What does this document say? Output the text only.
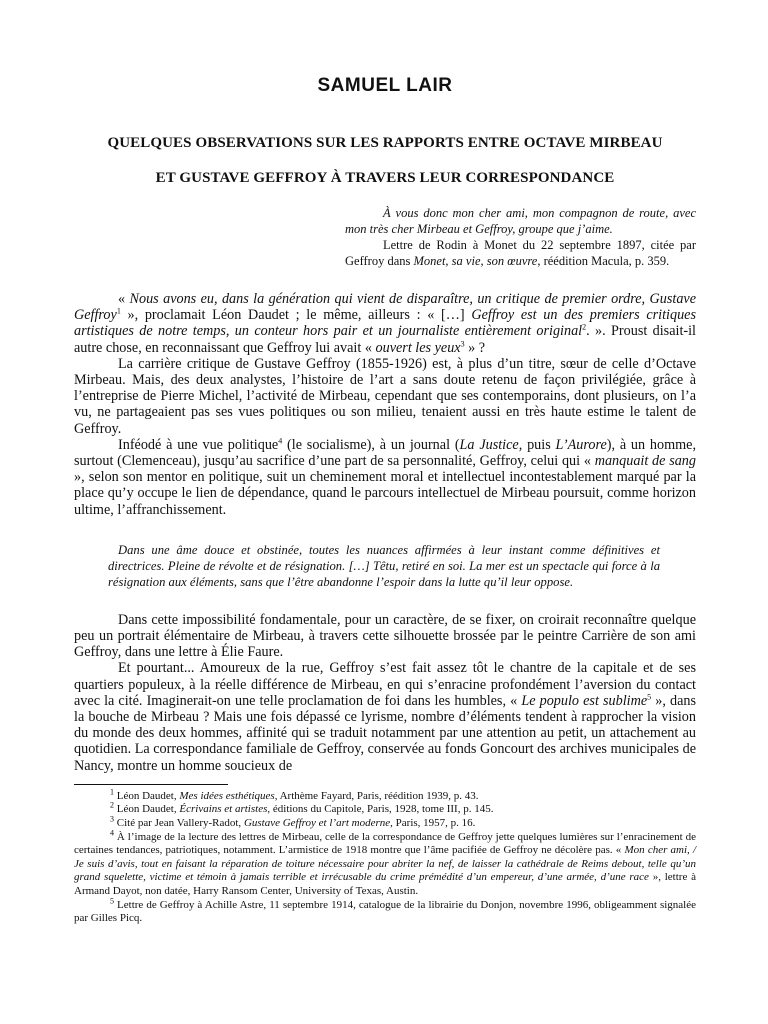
SAMUEL LAIR
QUELQUES OBSERVATIONS SUR LES RAPPORTS ENTRE OCTAVE MIRBEAU
ET GUSTAVE GEFFROY À TRAVERS LEUR CORRESPONDANCE

À vous donc mon cher ami, mon compagnon de route, avec mon très cher Mirbeau et Geffroy, groupe que j’aime.

Lettre de Rodin à Monet du 22 septembre 1897, citée par Geffroy dans Monet, sa vie, son œuvre, réédition Macula, p. 359.

« Nous avons eu, dans la génération qui vient de disparaître, un critique de premier ordre, Gustave Geffroy$^1$ », proclamait Léon Daudet ; le même, ailleurs : « […] Geffroy est un des premiers critiques artistiques de notre temps, un conteur hors pair et un journaliste entièrement original$^2$. ». Proust disait-il autre chose, en reconnaissant que Geffroy lui avait « ouvert les yeux$^3$ » ?

La carrière critique de Gustave Geffroy (1855-1926) est, à plus d’un titre, sœur de celle d’Octave Mirbeau. Mais, des deux analystes, l’histoire de l’art a sans doute retenu de façon privilégiée, grâce à l’entreprise de Pierre Michel, l’activité de Mirbeau, cependant que ses contemporains, dont plusieurs, on l’a vu, ne partageaient pas ses vues politiques ou son milieu, tenaient aussi en très haute estime le talent de Geffroy.

Inféodé à une vue politique$^4$ (le socialisme), à un journal (La Justice, puis L’Aurore), à un homme, surtout (Clemenceau), jusqu’au sacrifice d’une part de sa personnalité, Geffroy, celui qui « manquait de sang », selon son mentor en politique, suit un cheminement moral et intellectuel incontestablement marqué par la place qu’y occupe le lien de dépendance, quand le parcours intellectuel de Mirbeau poursuit, comme horizon ultime, l’affranchissement.

Dans une âme douce et obstinée, toutes les nuances affirmées à leur instant comme définitives et directrices. Pleine de révolte et de résignation. […] Têtu, retiré en soi. La mer est un spectacle qui force à la résignation aux éléments, sans que l’être abandonne l’espoir dans la lutte qu’il leur oppose.

Dans cette impossibilité fondamentale, pour un caractère, de se fixer, on croirait reconnaître quelque peu un portrait élémentaire de Mirbeau, à travers cette silhouette brossée par le peintre Carrière de son ami Geffroy, dans une lettre à Élie Faure.

Et pourtant... Amoureux de la rue, Geffroy s’est fait assez tôt le chantre de la capitale et de ses quartiers populeux, à la réelle différence de Mirbeau, en qui s’enracine profondément l’aversion du contact avec la cité. Imaginerait-on une telle proclamation de foi dans les humbles, « Le populo est sublime$^5$ », dans la bouche de Mirbeau ? Mais une fois dépassé ce lyrisme, nombre d’éléments tendent à rapprocher la vision du monde des deux hommes, affinité qui se traduit notamment par une attention au petit, un attachement au quotidien. La correspondance familiale de Geffroy, conservée au fonds Goncourt des archives municipales de Nancy, montre un homme soucieux de

$^1$ Léon Daudet, Mes idées esthétiques, Arthème Fayard, Paris, réédition 1939, p. 43.

$^2$ Léon Daudet, Écrivains et artistes, éditions du Capitole, Paris, 1928, tome III, p. 145.

$^3$ Cité par Jean Vallery-Radot, Gustave Geffroy et l’art moderne, Paris, 1957, p. 16.

$^4$ À l’image de la lecture des lettres de Mirbeau, celle de la correspondance de Geffroy jette quelques lumières sur l’enracinement de certaines tendances, patriotiques, notamment. L’armistice de 1918 montre que l’âme pacifiée de Geffroy ne décolère pas. « Mon cher ami, / Je suis d’avis, tout en faisant la réparation de toiture nécessaire pour abriter la nef, de laisser la cathédrale de Reims debout, telle qu’un grand squelette, victime et témoin à jamais terrible et irrécusable du crime prémédité d’un empereur, d’une armée, d’une race », lettre à Armand Dayot, non datée, Harry Ransom Center, University of Texas, Austin.

$^5$ Lettre de Geffroy à Achille Astre, 11 septembre 1914, catalogue de la librairie du Donjon, novembre 1996, obligeamment signalée par Gilles Picq.
